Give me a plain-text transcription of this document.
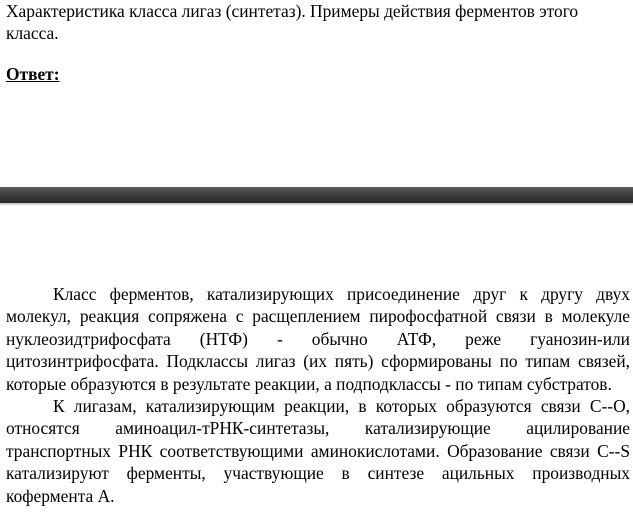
Характеристика класса лигаз (синтетаз). Примеры действия ферментов этого класса.

Ответ:

Класс ферментов, катализирующих присоединение друг к другу двух молекул, реакция сопряжена с расщеплением пирофосфатной связи в молекуле нуклеозидтрифосфата (НТФ) - обычно АТФ, реже гуанозин-или цитозинтрифосфата. Подклассы лигаз (их пять) сформированы по типам связей, которые образуются в результате реакции, а подподклассы - по типам субстратов.

К лигазам, катализирующим реакции, в которых образуются связи С--О, относятся аминоацил-тРНК-синтетазы, катализирующие ацилирование транспортных РНК соответствующими аминокислотами. Образование связи С--S катализируют ферменты, участвующие в синтезе ацильных производных кофермента А.
